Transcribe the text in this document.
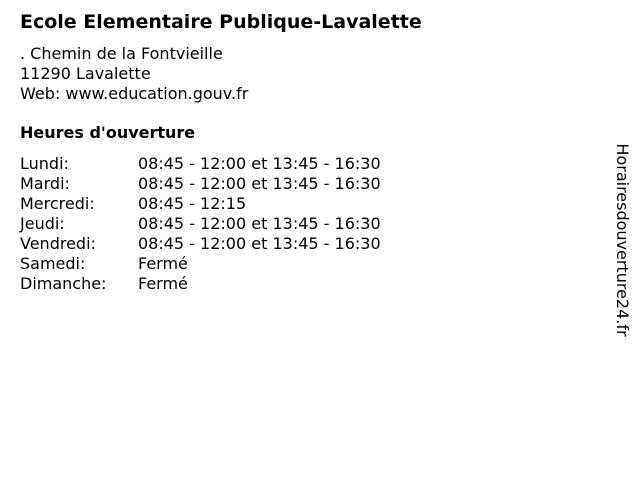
Ecole Elementaire Publique-Lavalette
. Chemin de la Fontvieille
11290 Lavalette
Web: www.education.gouv.fr
Heures d'ouverture
Lundi:	08:45 - 12:00 et 13:45 - 16:30
Mardi:	08:45 - 12:00 et 13:45 - 16:30
Mercredi:	08:45 - 12:15
Jeudi:	08:45 - 12:00 et 13:45 - 16:30
Vendredi:	08:45 - 12:00 et 13:45 - 16:30
Samedi:	Fermé
Dimanche: Fermé	Horairesdouverture24.fr
